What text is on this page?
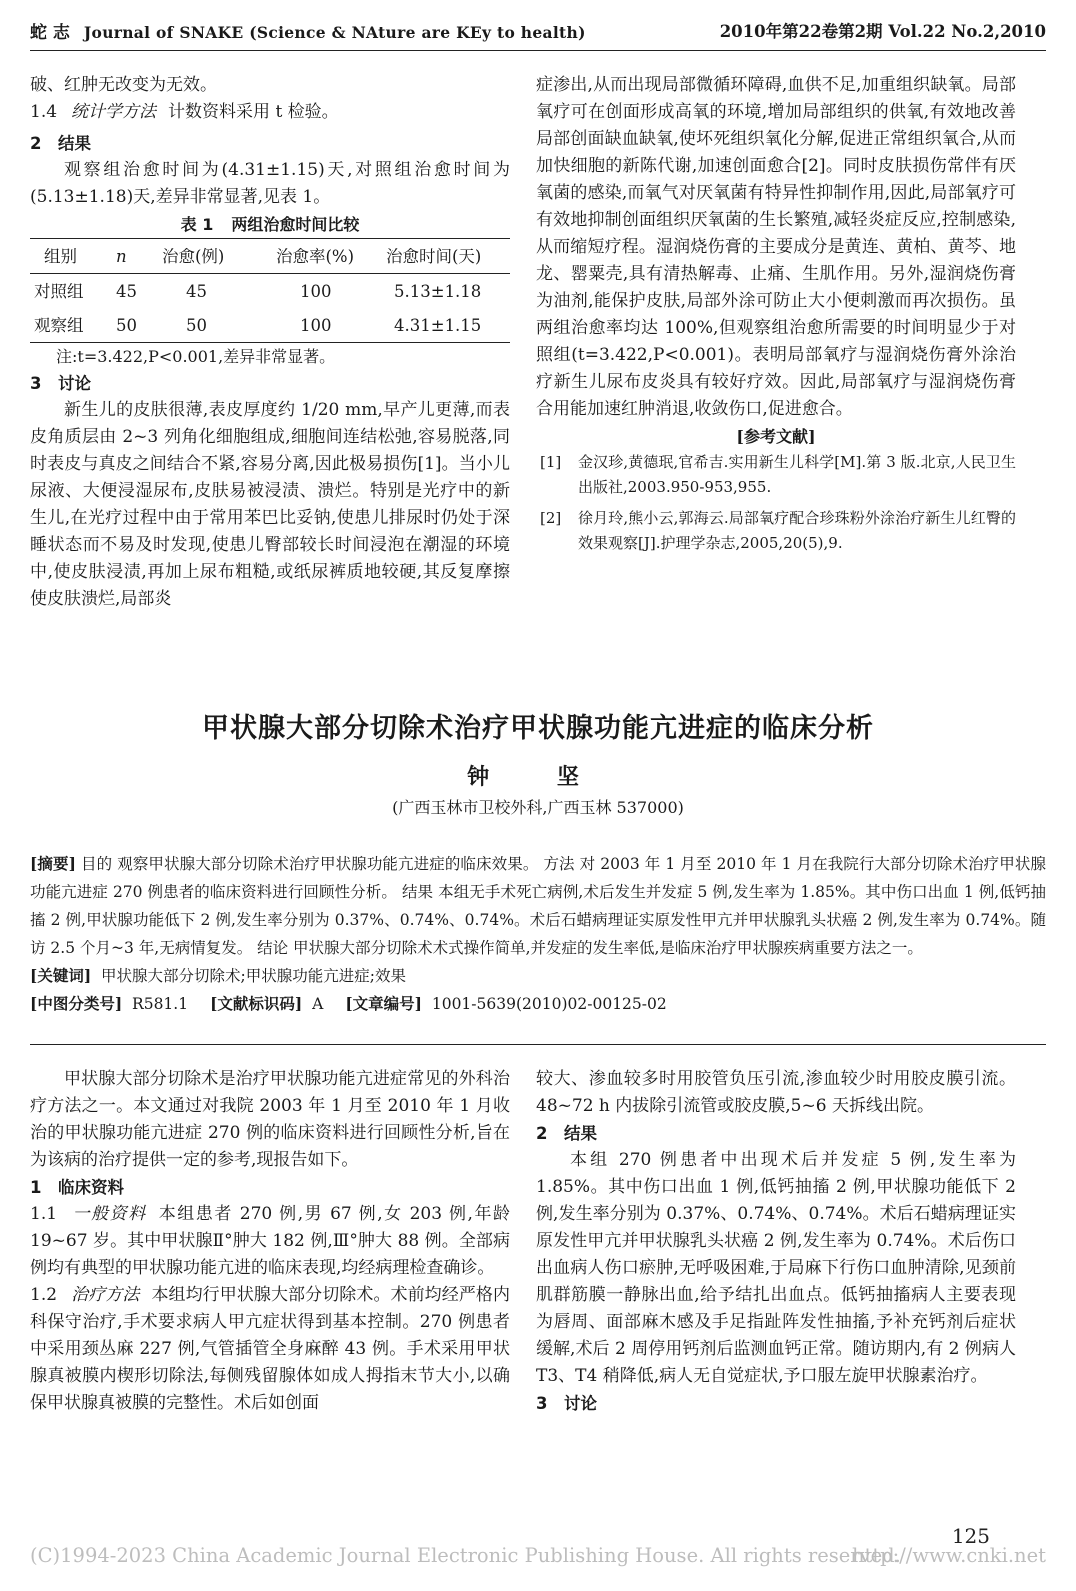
蛇 志 Journal of SNAKE (Science & NAture are KEy to health)	2010年第22卷第2期 Vol.22 No.2,2010

破、红肿无改变为无效。

1.4 统计学方法 计数资料采用 t 检验。

2 结果

观察组治愈时间为(4.31±1.15)天,对照组治愈时间为(5.13±1.18)天,差异非常显著,见表 1。

表 1 两组治愈时间比较

组别	n	治愈(例)	治愈率(%)	治愈时间(天)
对照组	45	45	100	5.13±1.18
观察组	50	50	100	4.31±1.15

注:t=3.422,P<0.001,差异非常显著。

3 讨论

新生儿的皮肤很薄,表皮厚度约 1/20 mm,早产儿更薄,而表皮角质层由 2~3 列角化细胞组成,细胞间连结松弛,容易脱落,同时表皮与真皮之间结合不紧,容易分离,因此极易损伤[1]。当小儿尿液、大便浸湿尿布,皮肤易被浸渍、溃烂。特别是光疗中的新生儿,在光疗过程中由于常用苯巴比妥钠,使患儿排尿时仍处于深睡状态而不易及时发现,使患儿臀部较长时间浸泡在潮湿的环境中,使皮肤浸渍,再加上尿布粗糙,或纸尿裤质地较硬,其反复摩擦使皮肤溃烂,局部炎

症渗出,从而出现局部微循环障碍,血供不足,加重组织缺氧。局部氧疗可在创面形成高氧的环境,增加局部组织的供氧,有效地改善局部创面缺血缺氧,使坏死组织氧化分解,促进正常组织氧合,从而加快细胞的新陈代谢,加速创面愈合[2]。同时皮肤损伤常伴有厌氧菌的感染,而氧气对厌氧菌有特异性抑制作用,因此,局部氧疗可有效地抑制创面组织厌氧菌的生长繁殖,减轻炎症反应,控制感染,从而缩短疗程。湿润烧伤膏的主要成分是黄连、黄柏、黄芩、地龙、罂粟壳,具有清热解毒、止痛、生肌作用。另外,湿润烧伤膏为油剂,能保护皮肤,局部外涂可防止大小便刺激而再次损伤。虽两组治愈率均达 100%,但观察组治愈所需要的时间明显少于对照组(t=3.422,P<0.001)。表明局部氧疗与湿润烧伤膏外涂治疗新生儿尿布皮炎具有较好疗效。因此,局部氧疗与湿润烧伤膏合用能加速红肿消退,收敛伤口,促进愈合。

[参考文献]

[1]	金汉珍,黄德珉,官希吉.实用新生儿科学[M].第 3 版.北京,人民卫生出版社,2003.950-953,955.
[2]	徐月玲,熊小云,郭海云.局部氧疗配合珍珠粉外涂治疗新生儿红臀的效果观察[J].护理学杂志,2005,20(5),9.
甲状腺大部分切除术治疗甲状腺功能亢进症的临床分析
钟 坚
(广西玉林市卫校外科,广西玉林 537000)

[摘要] 目的 观察甲状腺大部分切除术治疗甲状腺功能亢进症的临床效果。 方法 对 2003 年 1 月至 2010 年 1 月在我院行大部分切除术治疗甲状腺功能亢进症 270 例患者的临床资料进行回顾性分析。 结果 本组无手术死亡病例,术后发生并发症 5 例,发生率为 1.85%。其中伤口出血 1 例,低钙抽搐 2 例,甲状腺功能低下 2 例,发生率分别为 0.37%、0.74%、0.74%。术后石蜡病理证实原发性甲亢并甲状腺乳头状癌 2 例,发生率为 0.74%。随访 2.5 个月~3 年,无病情复发。 结论 甲状腺大部分切除术术式操作简单,并发症的发生率低,是临床治疗甲状腺疾病重要方法之一。

[关键词] 甲状腺大部分切除术;甲状腺功能亢进症;效果

[中图分类号] R581.1 [文献标识码] A [文章编号] 1001-5639(2010)02-00125-02

甲状腺大部分切除术是治疗甲状腺功能亢进症常见的外科治疗方法之一。本文通过对我院 2003 年 1 月至 2010 年 1 月收治的甲状腺功能亢进症 270 例的临床资料进行回顾性分析,旨在为该病的治疗提供一定的参考,现报告如下。

1 临床资料

1.1 一般资料 本组患者 270 例,男 67 例,女 203 例,年龄 19~67 岁。其中甲状腺Ⅱ°肿大 182 例,Ⅲ°肿大 88 例。全部病例均有典型的甲状腺功能亢进的临床表现,均经病理检查确诊。

1.2 治疗方法 本组均行甲状腺大部分切除术。术前均经严格内科保守治疗,手术要求病人甲亢症状得到基本控制。270 例患者中采用颈丛麻 227 例,气管插管全身麻醉 43 例。手术采用甲状腺真被膜内楔形切除法,每侧残留腺体如成人拇指末节大小,以确保甲状腺真被膜的完整性。术后如创面

较大、渗血较多时用胶管负压引流,渗血较少时用胶皮膜引流。48~72 h 内拔除引流管或胶皮膜,5~6 天拆线出院。

2 结果

本组 270 例患者中出现术后并发症 5 例,发生率为 1.85%。其中伤口出血 1 例,低钙抽搐 2 例,甲状腺功能低下 2 例,发生率分别为 0.37%、0.74%、0.74%。术后石蜡病理证实原发性甲亢并甲状腺乳头状癌 2 例,发生率为 0.74%。术后伤口出血病人伤口瘀肿,无呼吸困难,于局麻下行伤口血肿清除,见颈前肌群筋膜一静脉出血,给予结扎出血点。低钙抽搐病人主要表现为唇周、面部麻木感及手足指趾阵发性抽搐,予补充钙剂后症状缓解,术后 2 周停用钙剂后监测血钙正常。随访期内,有 2 例病人 T3、T4 稍降低,病人无自觉症状,予口服左旋甲状腺素治疗。

3 讨论

125
(C)1994-2023 China Academic Journal Electronic Publishing House. All rights reserved.
http://www.cnki.net
